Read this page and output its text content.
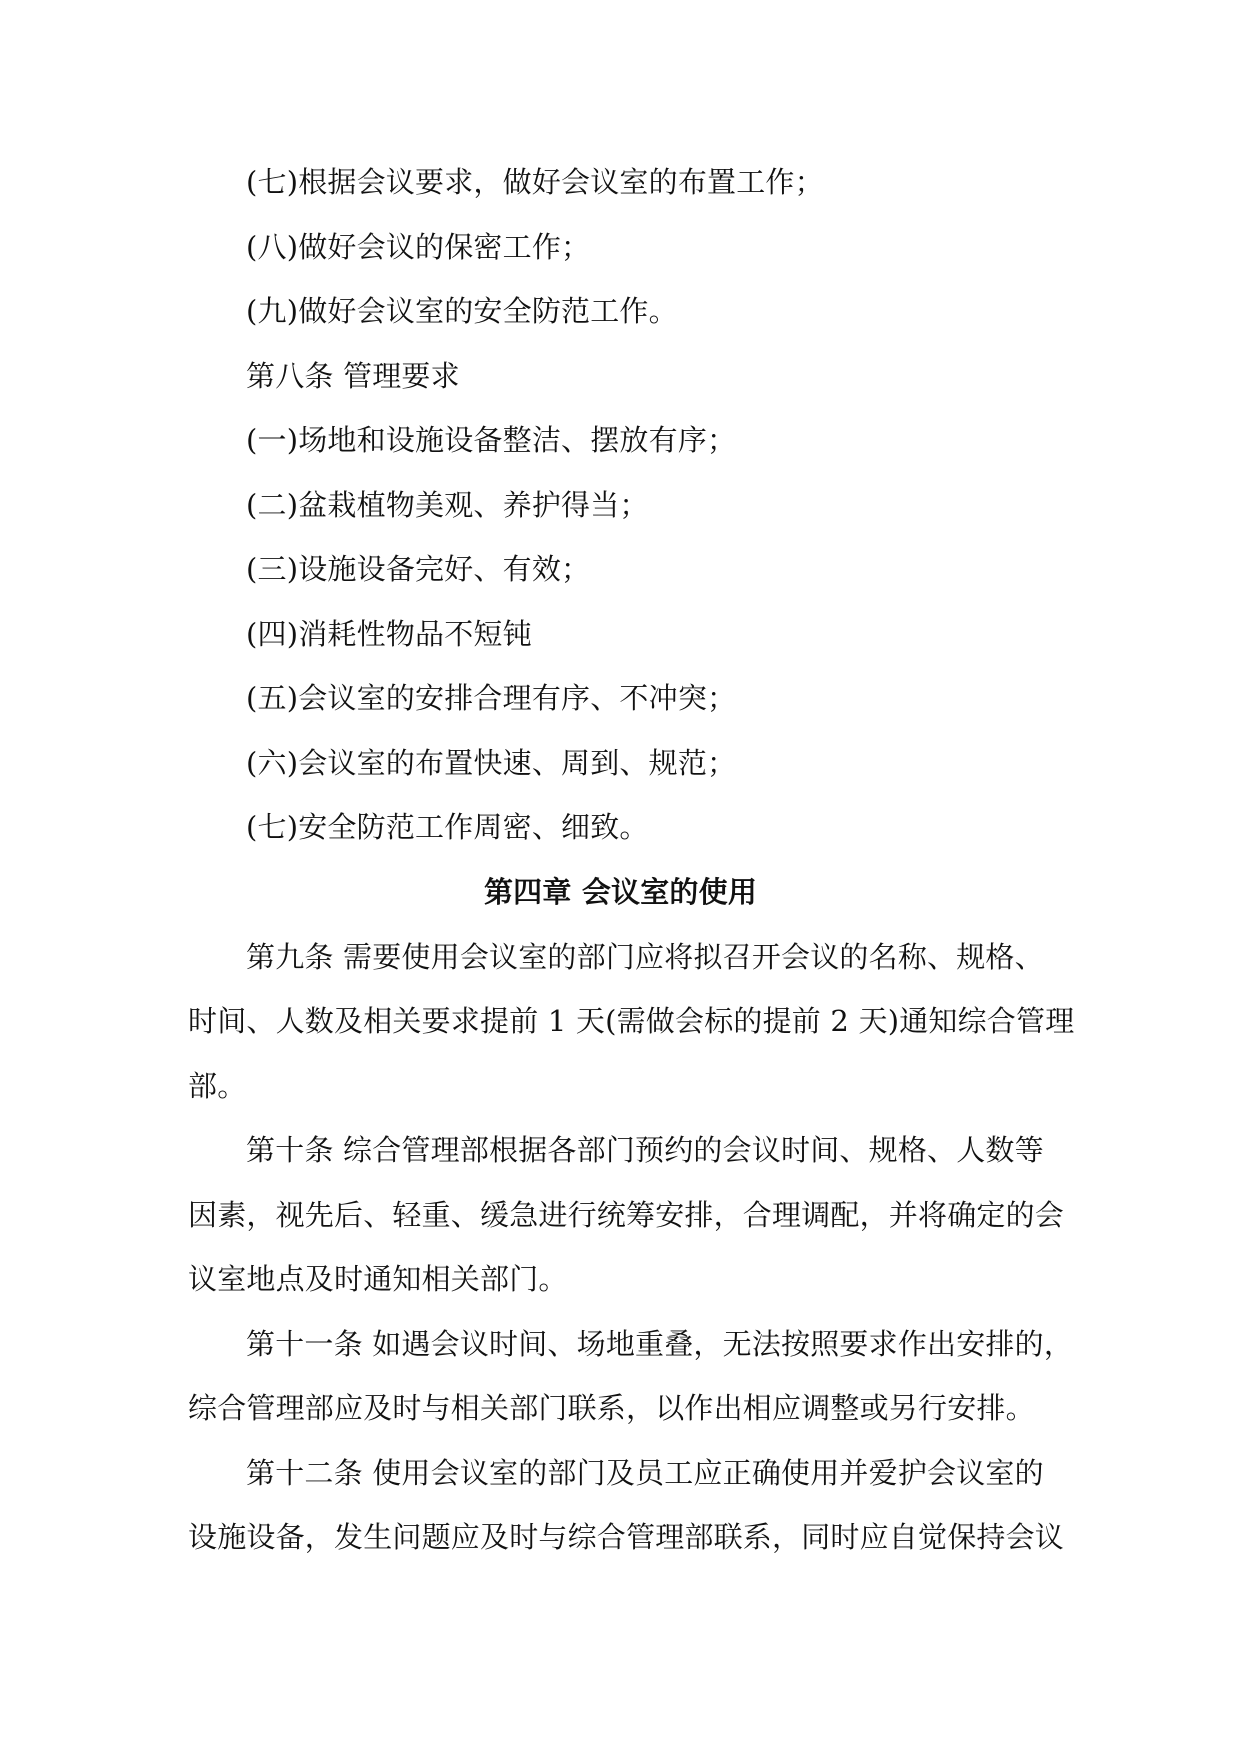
(七)根据会议要求，做好会议室的布置工作；
(八)做好会议的保密工作；
(九)做好会议室的安全防范工作。
第八条 管理要求
(一)场地和设施设备整洁、摆放有序；
(二)盆栽植物美观、养护得当；
(三)设施设备完好、有效；
(四)消耗性物品不短钝
(五)会议室的安排合理有序、不冲突；
(六)会议室的布置快速、周到、规范；
(七)安全防范工作周密、细致。
第四章 会议室的使用
第九条 需要使用会议室的部门应将拟召开会议的名称、规格、
时间、人数及相关要求提前 1 天(需做会标的提前 2 天)通知综合管理
部。
第十条 综合管理部根据各部门预约的会议时间、规格、人数等
因素，视先后、轻重、缓急进行统筹安排，合理调配，并将确定的会
议室地点及时通知相关部门。
第十一条 如遇会议时间、场地重叠，无法按照要求作出安排的，
综合管理部应及时与相关部门联系，以作出相应调整或另行安排。
第十二条 使用会议室的部门及员工应正确使用并爱护会议室的
设施设备，发生问题应及时与综合管理部联系，同时应自觉保持会议
